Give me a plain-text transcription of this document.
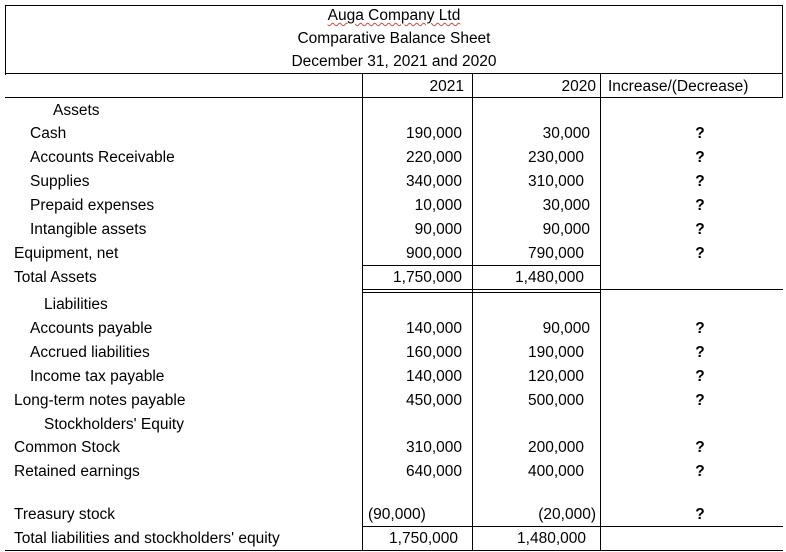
Auga Company Ltd
Comparative Balance Sheet
December 31, 2021 and 2020
2021	2020 Increase/(Decrease)
Assets
Liabilities
Stockholders' Equity
Cash	190,000	30,000	?
Accounts Receivable	220,000	230,000	?
Supplies	340,000	310,000	?
Prepaid expenses	10,000	30,000	?
Intangible assets	90,000	90,000	?
Equipment, net	900,000	790,000	?
Total Assets	1,750,000	1,480,000
Accounts payable	140,000	90,000	?
Accrued liabilities	160,000	190,000	?
Income tax payable	140,000	120,000	?
Long-term notes payable	450,000	500,000	?
Common Stock	310,000	200,000	?
Retained earnings	640,000	400,000	?
Treasury stock	(90,000)	(20,000)	?
Total liabilities and stockholders' equity	1,750,000	1,480,000
